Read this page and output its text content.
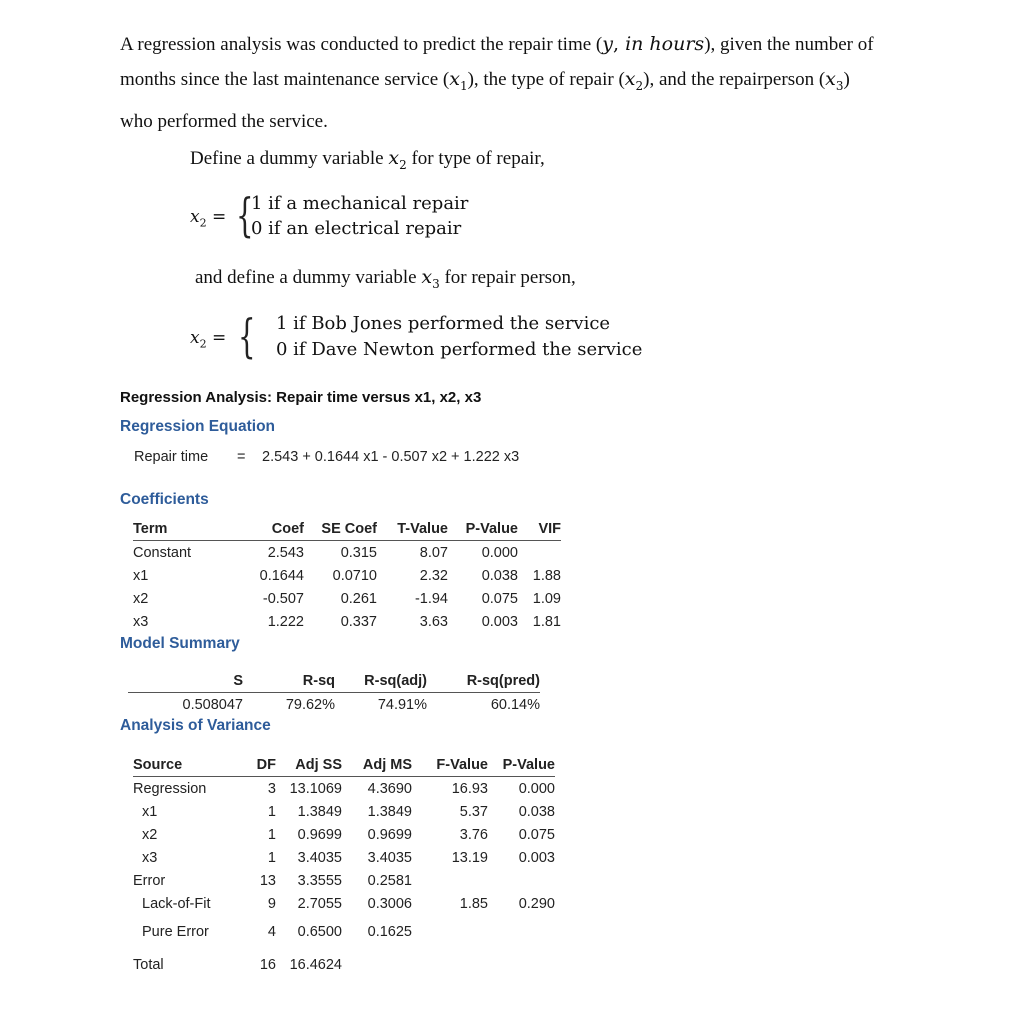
A regression analysis was conducted to predict the repair time (y, in hours), given the number of
months since the last maintenance service $(x_1)$, the type of repair $(x_2)$, and the repairperson $(x_3)$
who performed the service.
Define a dummy variable $x_2$ for type of repair,
$x_2$ = {
1 if a mechanical repair
0 if an electrical repair
and define a dummy variable $x_3$ for repair person,
$x_2$ = { 1 if Bob Jones performed the service
0 if Dave Newton performed the service
Regression Analysis: Repair time versus x1, x2, x3
Regression Equation
Repair time = 2.543 + 0.1644 x1 - 0.507 x2 + 1.222 x3
Coefficients
Term	Coef	SE Coef	T-Value	P-Value	VIF
Constant	2.543	0.315	8.07	0.000	
x1	0.1644	0.0710	2.32	0.038	1.88
x2	-0.507	0.261	-1.94	0.075	1.09
x3	1.222	0.337	3.63	0.003	1.81
Model Summary
S	R-sq	R-sq(adj)	R-sq(pred)
0.508047	79.62%	74.91%	60.14%
Analysis of Variance
Source	DF	Adj SS	Adj MS	F-Value	P-Value
Regression	3	13.1069	4.3690	16.93	0.000
x1	1	1.3849	1.3849	5.37	0.038
x2	1	0.9699	0.9699	3.76	0.075
x3	1	3.4035	3.4035	13.19	0.003
Error	13	3.3555	0.2581		
Lack-of-Fit	9	2.7055	0.3006	1.85	0.290
Pure Error	4	0.6500	0.1625		
Total	16	16.4624			
